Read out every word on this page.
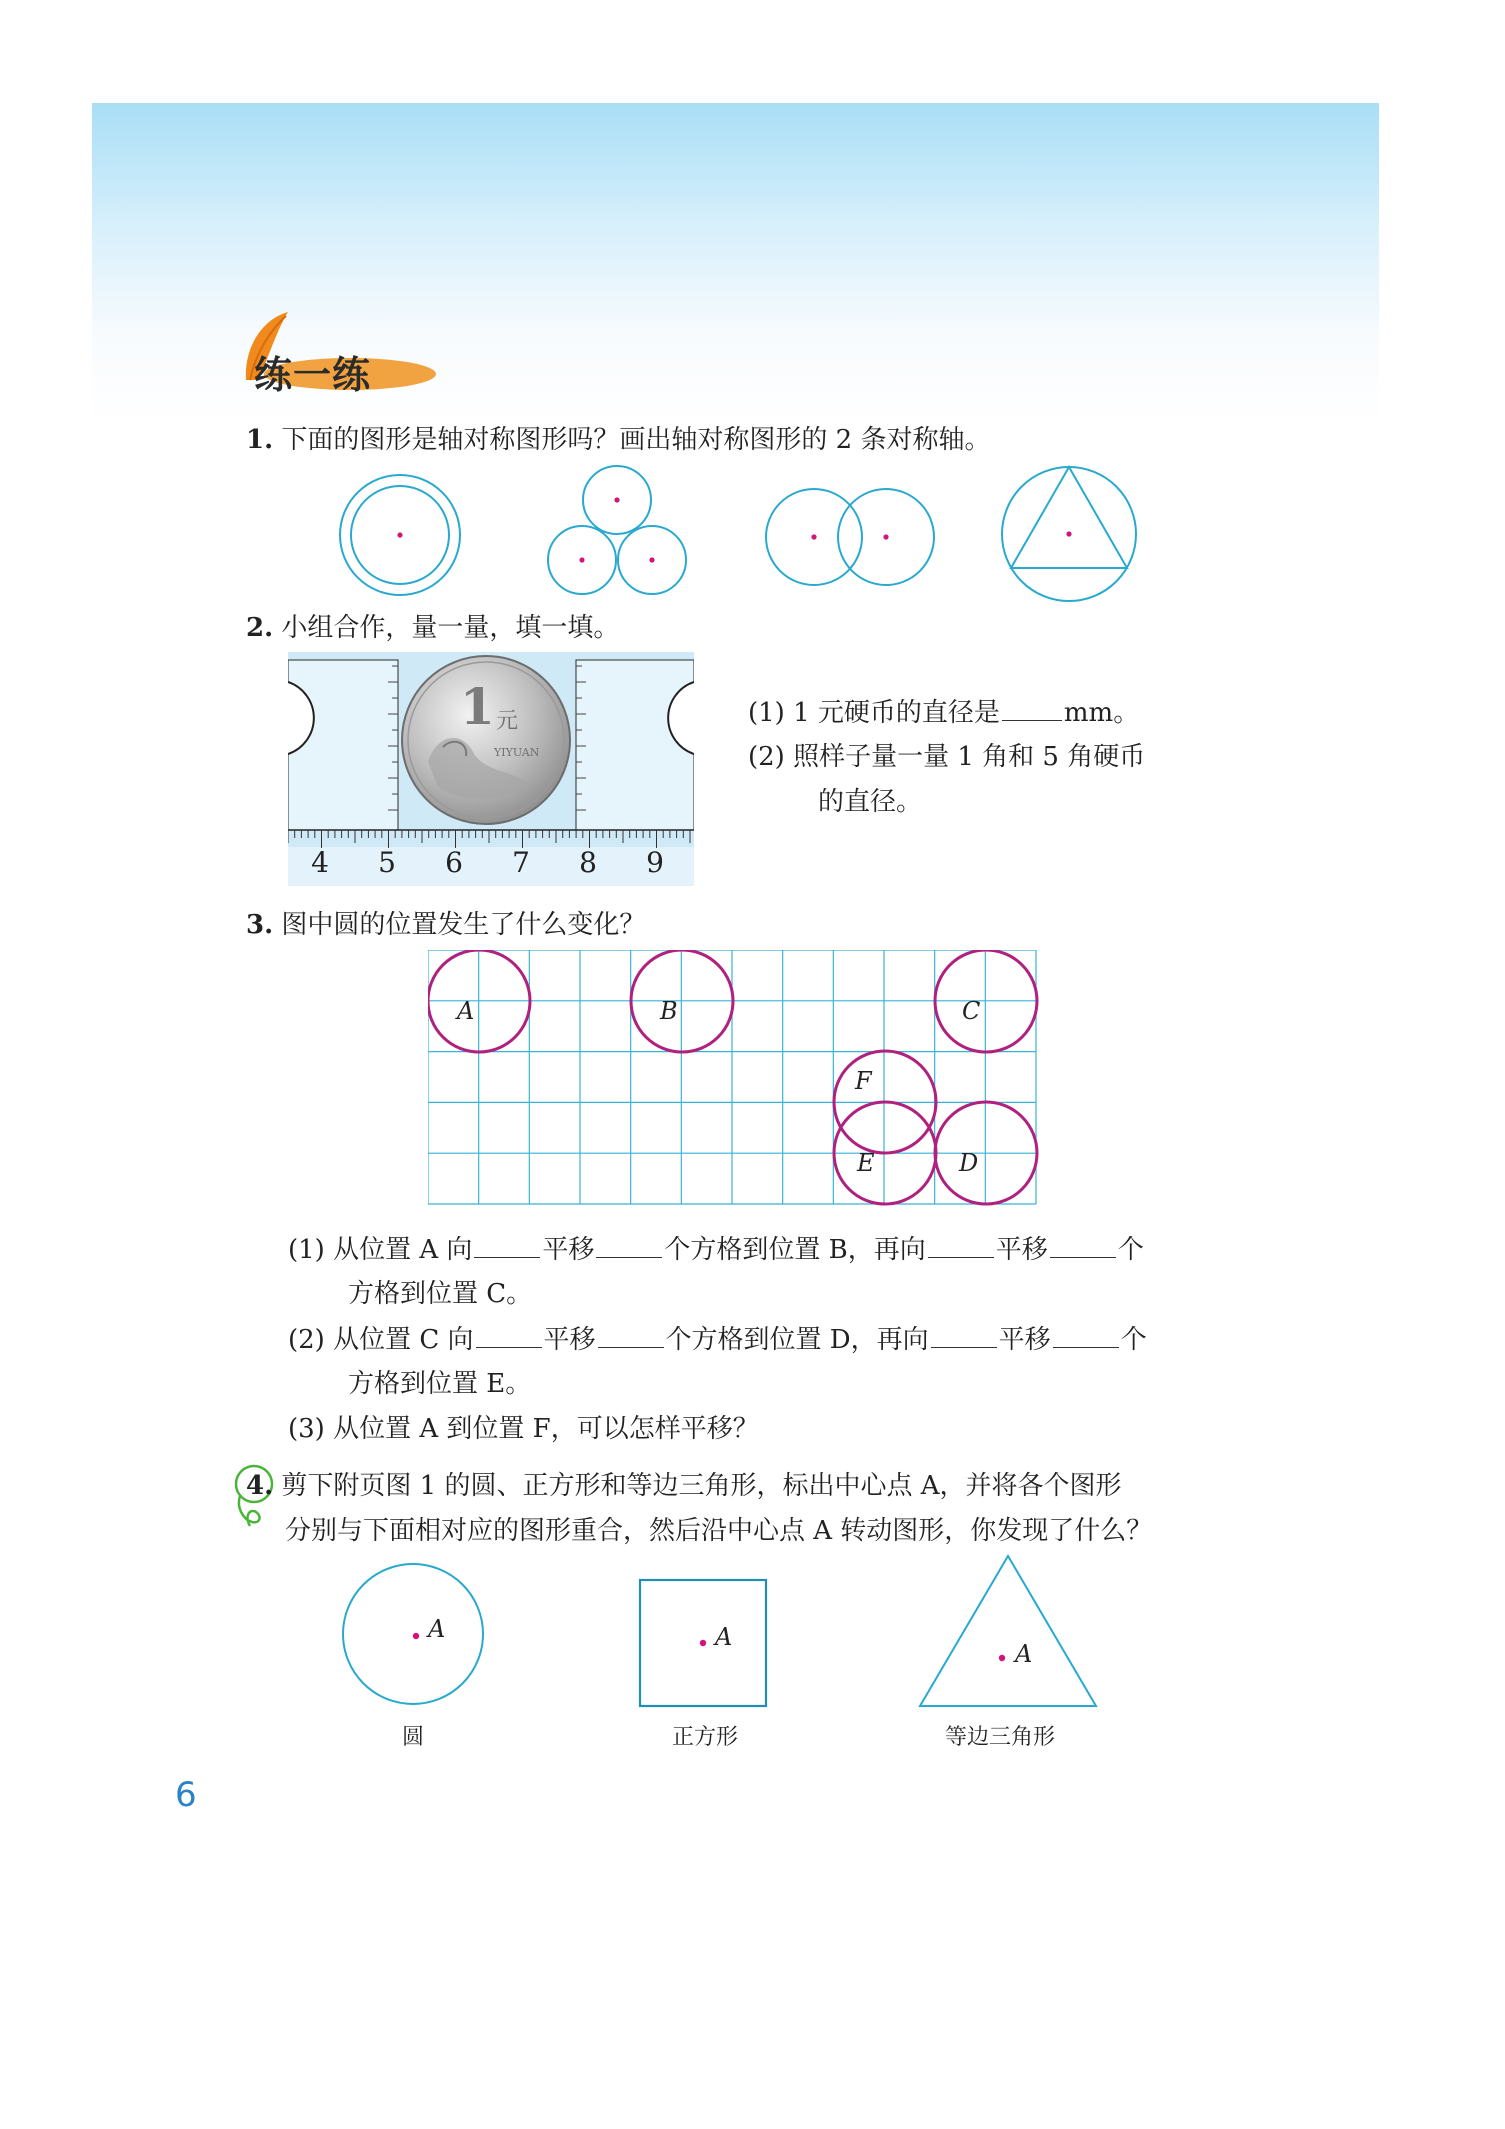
练一练
1. 下面的图形是轴对称图形吗？画出轴对称图形的 2 条对称轴。
2. 小组合作，量一量，填一填。
1 元
YIYUAN
4 5 6 7 8 9
(1) 1 元硬币的直径是 mm。
(2) 照样子量一量 1 角和 5 角硬币
的直径。
3. 图中圆的位置发生了什么变化？
A	B	C
F
E	D
(1) 从位置 A 向	平移	个方格到位置 B，再向	平移	个
方格到位置 C。
(2) 从位置 C 向	平移	个方格到位置 D，再向	平移	个
方格到位置 E。
(3) 从位置 A 到位置 F，可以怎样平移？
4. 剪下附页图 1 的圆、正方形和等边三角形，标出中心点 A，并将各个图形
分别与下面相对应的图形重合，然后沿中心点 A 转动图形，你发现了什么？
A	A
A
圆	正方形	等边三角形
6
